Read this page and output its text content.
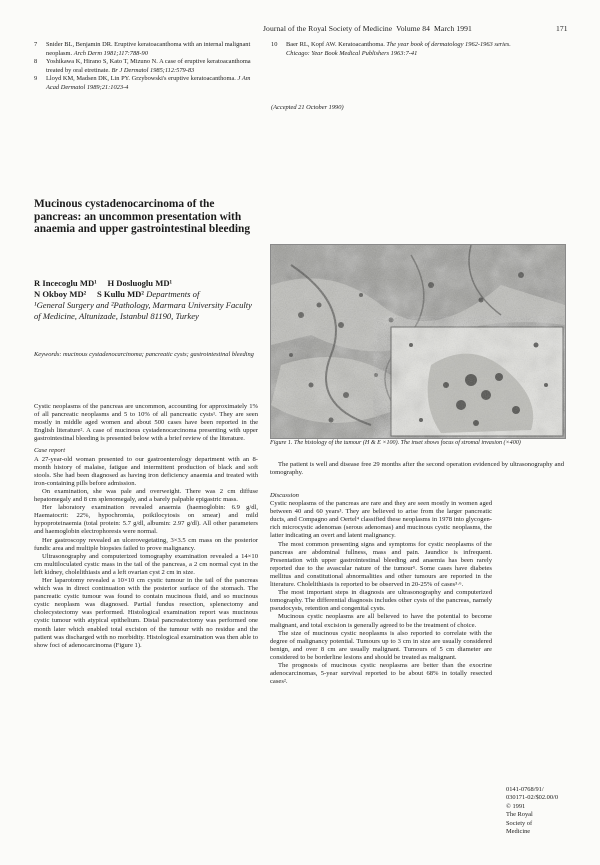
Journal of the Royal Society of Medicine Volume 84 March 1991	171
7	Snider BL, Benjamin DR. Eruptive keratoacanthoma with an internal malignant neoplasm. Arch Derm 1981;117:788-90
8	Yoshikawa K, Hirano S, Kato T, Mizuno N. A case of eruptive keratoacanthoma treated by oral etretinate. Br J Dermatol 1985;112:579-83
9	Lloyd KM, Madsen DK, Lin PY. Grzybowski's eruptive keratoacanthoma. J Am Acad Dermatol 1989;21:1023-4
10	Baer RL, Kopf AW. Keratoacanthoma. The year book of dermatology 1962-1963 series. Chicago: Year Book Medical Publishers 1963:7-41
(Accepted 21 October 1990)
Mucinous cystadenocarcinoma of the pancreas: an uncommon presentation with anaemia and upper gastrointestinal bleeding
R Incecoglu MD¹     H Dosluoglu MD¹
N Okboy MD²     S Kullu MD² Departments of
¹General Surgery and ²Pathology, Marmara University Faculty of Medicine, Altunizade, Istanbul 81190, Turkey
Keywords: mucinous cystadenocarcinoma; pancreatic cysts; gastrointestinal bleeding

Cystic neoplasms of the pancreas are uncommon, accounting for approximately 1% of all pancreatic neoplasms and 5 to 10% of all pancreatic cysts¹. They are seen mostly in middle aged women and about 500 cases have been reported in the English literature². A case of mucinous cystadenocarcinoma presenting with upper gastrointestinal bleeding is presented below with a brief review of the literature.

Case report

A 27-year-old woman presented to our gastroenterology department with an 8-month history of malaise, fatigue and intermittent production of black and soft stools. She had been diagnosed as having iron deficiency anaemia and treated with iron-containing pills before admission.

On examination, she was pale and overweight. There was 2 cm diffuse hepatomegaly and 8 cm splenomegaly, and a barely palpable epigastric mass.

Her laboratory examination revealed anaemia (haemoglobin: 6.9 g/dl, Haematocrit: 22%, hypochromia, poikilocytosis on smear) and mild hypoproteinaemia (total protein: 5.7 g/dl, albumin: 2.97 g/dl). All other parameters and haemoglobin electrophoresis were normal.

Her gastroscopy revealed an ulcerovegetating, 3×3.5 cm mass on the posterior fundic area and multiple biopsies failed to prove malignancy.

Ultrasonography and computerized tomography examination revealed a 14×10 cm multiloculated cystic mass in the tail of the pancreas, a 2 cm normal cyst in the left kidney, cholelithiasis and a left ovarian cyst 2 cm in size.

Her laparotomy revealed a 10×10 cm cystic tumour in the tail of the pancreas which was in direct continuation with the posterior surface of the stomach. The pancreatic cystic tumour was found to contain mucinous fluid, and so mucinous cystic neoplasm was diagnosed. Partial fundus resection, splenectomy and cholecystectomy was performed. Histological examination report was mucinous cystic tumour with atypical epithelium. Distal pancreatectomy was performed one month later which enabled total excision of the tumour with no residue and the patient was discharged with no morbidity. Histological examination was then able to show foci of adenocarcinoma (Figure 1).

Figure 1. The histology of the tumour (H & E ×100). The inset shows focus of stromal invasion (×400)

The patient is well and disease free 29 months after the second operation evidenced by ultrasonography and tomography.

Discussion

Cystic neoplasms of the pancreas are rare and they are seen mostly in women aged between 40 and 60 years³. They are believed to arise from the larger pancreatic ducts, and Compagno and Oertel⁴ classified these neoplasms in 1978 into glycogen-rich microcystic adenomas (serous adenomas) and mucinous cystic neoplasms, the latter indicating an overt and latent malignancy.

The most common presenting signs and symptoms for cystic neoplasms of the pancreas are abdominal fullness, mass and pain. Jaundice is infrequent. Presentation with upper gastrointestinal bleeding and anaemia has been rarely reported due to the avascular nature of the tumour⁵. Some cases have diabetes mellitus and constitutional abnormalities and other tumours are reported in the literature. Cholelithiasis is reported to be observed in 20-25% of cases³·⁶.

The most important steps in diagnosis are ultrasonography and computerized tomography. The differential diagnosis includes other cysts of the pancreas, namely pseudocysts, retention and congenital cysts.

Mucinous cystic neoplasms are all believed to have the potential to become malignant, and total excision is generally agreed to be the treatment of choice.

The size of mucinous cystic neoplasms is also reported to correlate with the degree of malignancy potential. Tumours up to 3 cm in size are usually considered benign, and over 8 cm are usually malignant. Tumours of 5 cm diameter are considered to be borderline lesions and should be treated as malignant.

The prognosis of mucinous cystic neoplasms are better than the exocrine adenocarcinomas, 5-year survival reported to be about 68% in totally resected cases².

0141-0768/91/
030171-02/$02.00/0
© 1991
The Royal
Society of
Medicine
